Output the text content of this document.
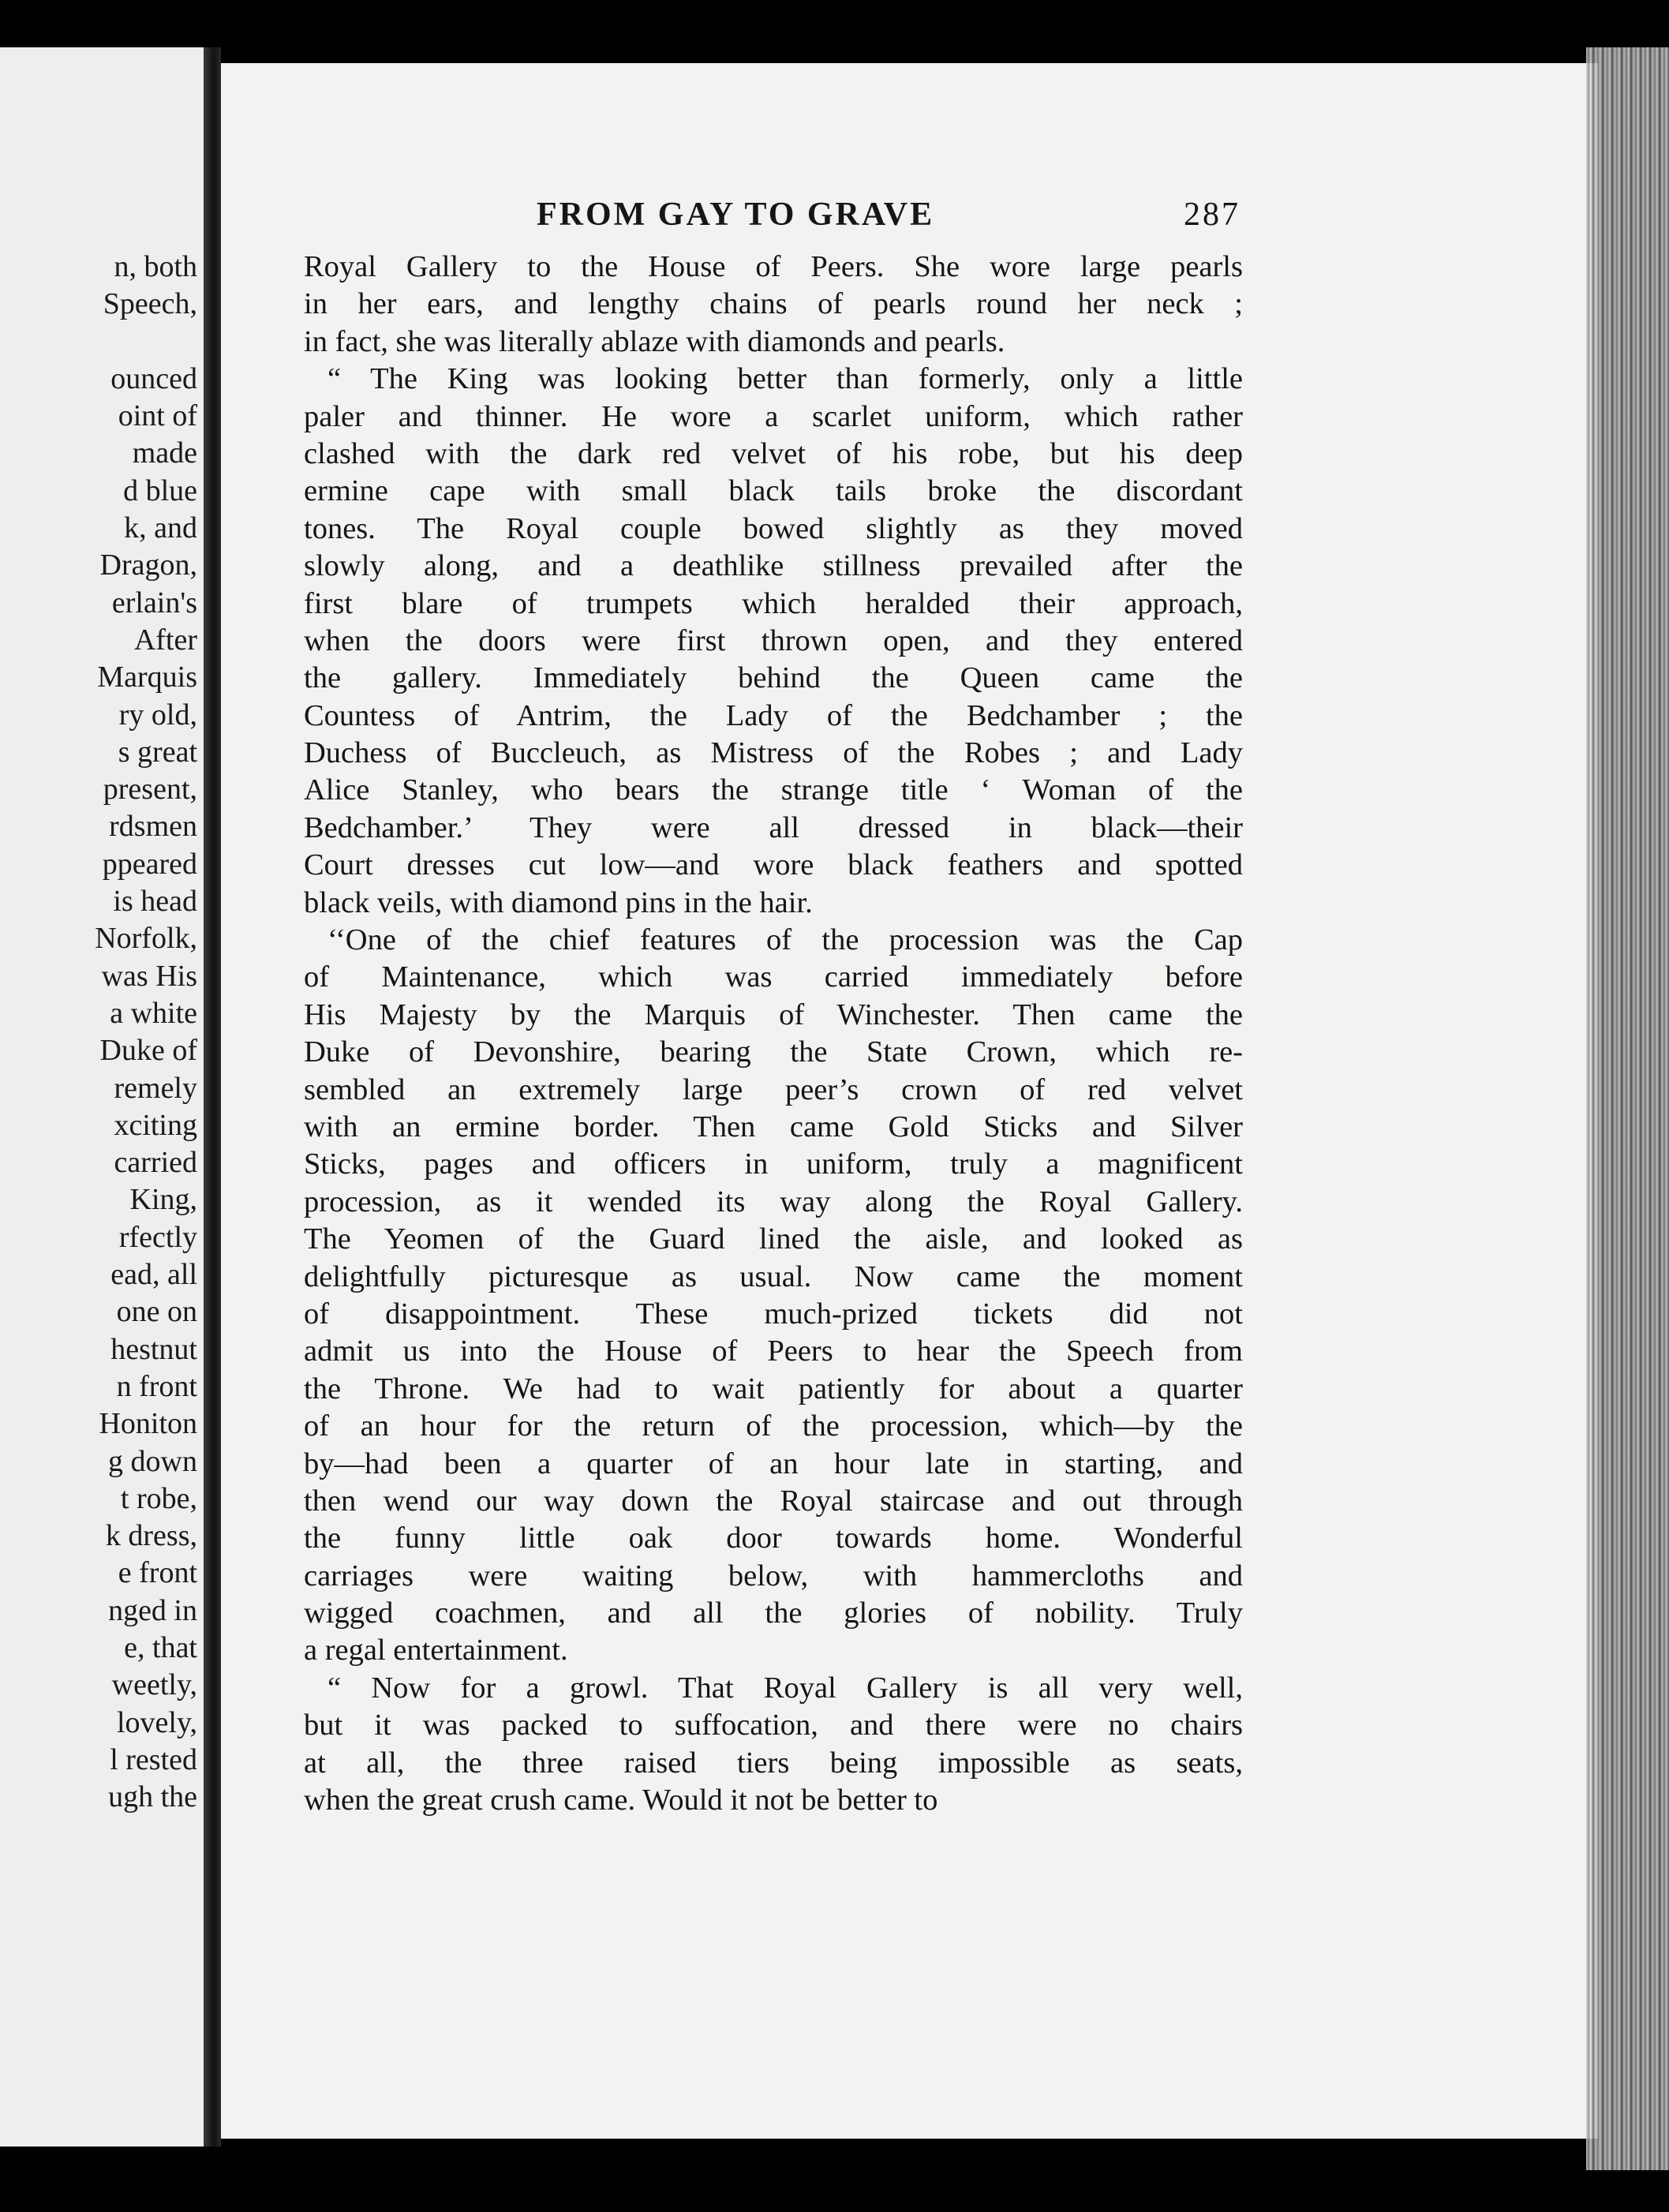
n, both
Speech,
ounced
oint of
made
d blue
k, and
Dragon,
erlain's
After
Marquis
ry old,
s great
present,
rdsmen
ppeared
is head
Norfolk,
was His
a white
Duke of
remely
xciting
carried
King,
rfectly
ead, all
one on
hestnut
n front
Honiton
g down
t robe,
k dress,
e front
nged in
e, that
weetly,
lovely,
l rested
ugh the
FROM GAY TO GRAVE	287
Royal Gallery to the House of Peers. She wore large pearls
in her ears, and lengthy chains of pearls round her neck ;
in fact, she was literally ablaze with diamonds and pearls.
“ The King was looking better than formerly, only a little
paler and thinner. He wore a scarlet uniform, which rather
clashed with the dark red velvet of his robe, but his deep
ermine cape with small black tails broke the discordant
tones. The Royal couple bowed slightly as they moved
slowly along, and a deathlike stillness prevailed after the
first blare of trumpets which heralded their approach,
when the doors were first thrown open, and they entered
the gallery. Immediately behind the Queen came the
Countess of Antrim, the Lady of the Bedchamber ; the
Duchess of Buccleuch, as Mistress of the Robes ; and Lady
Alice Stanley, who bears the strange title ‘ Woman of the
Bedchamber.’ They were all dressed in black—their
Court dresses cut low—and wore black feathers and spotted
black veils, with diamond pins in the hair.
‘‘One of the chief features of the procession was the Cap
of Maintenance, which was carried immediately before
His Majesty by the Marquis of Winchester. Then came the
Duke of Devonshire, bearing the State Crown, which re-
sembled an extremely large peer’s crown of red velvet
with an ermine border. Then came Gold Sticks and Silver
Sticks, pages and officers in uniform, truly a magnificent
procession, as it wended its way along the Royal Gallery.
The Yeomen of the Guard lined the aisle, and looked as
delightfully picturesque as usual. Now came the moment
of disappointment. These much-prized tickets did not
admit us into the House of Peers to hear the Speech from
the Throne. We had to wait patiently for about a quarter
of an hour for the return of the procession, which—by the
by—had been a quarter of an hour late in starting, and
then wend our way down the Royal staircase and out through
the funny little oak door towards home. Wonderful
carriages were waiting below, with hammercloths and
wigged coachmen, and all the glories of nobility. Truly
a regal entertainment.
“ Now for a growl. That Royal Gallery is all very well,
but it was packed to suffocation, and there were no chairs
at all, the three raised tiers being impossible as seats,
when the great crush came. Would it not be better to
